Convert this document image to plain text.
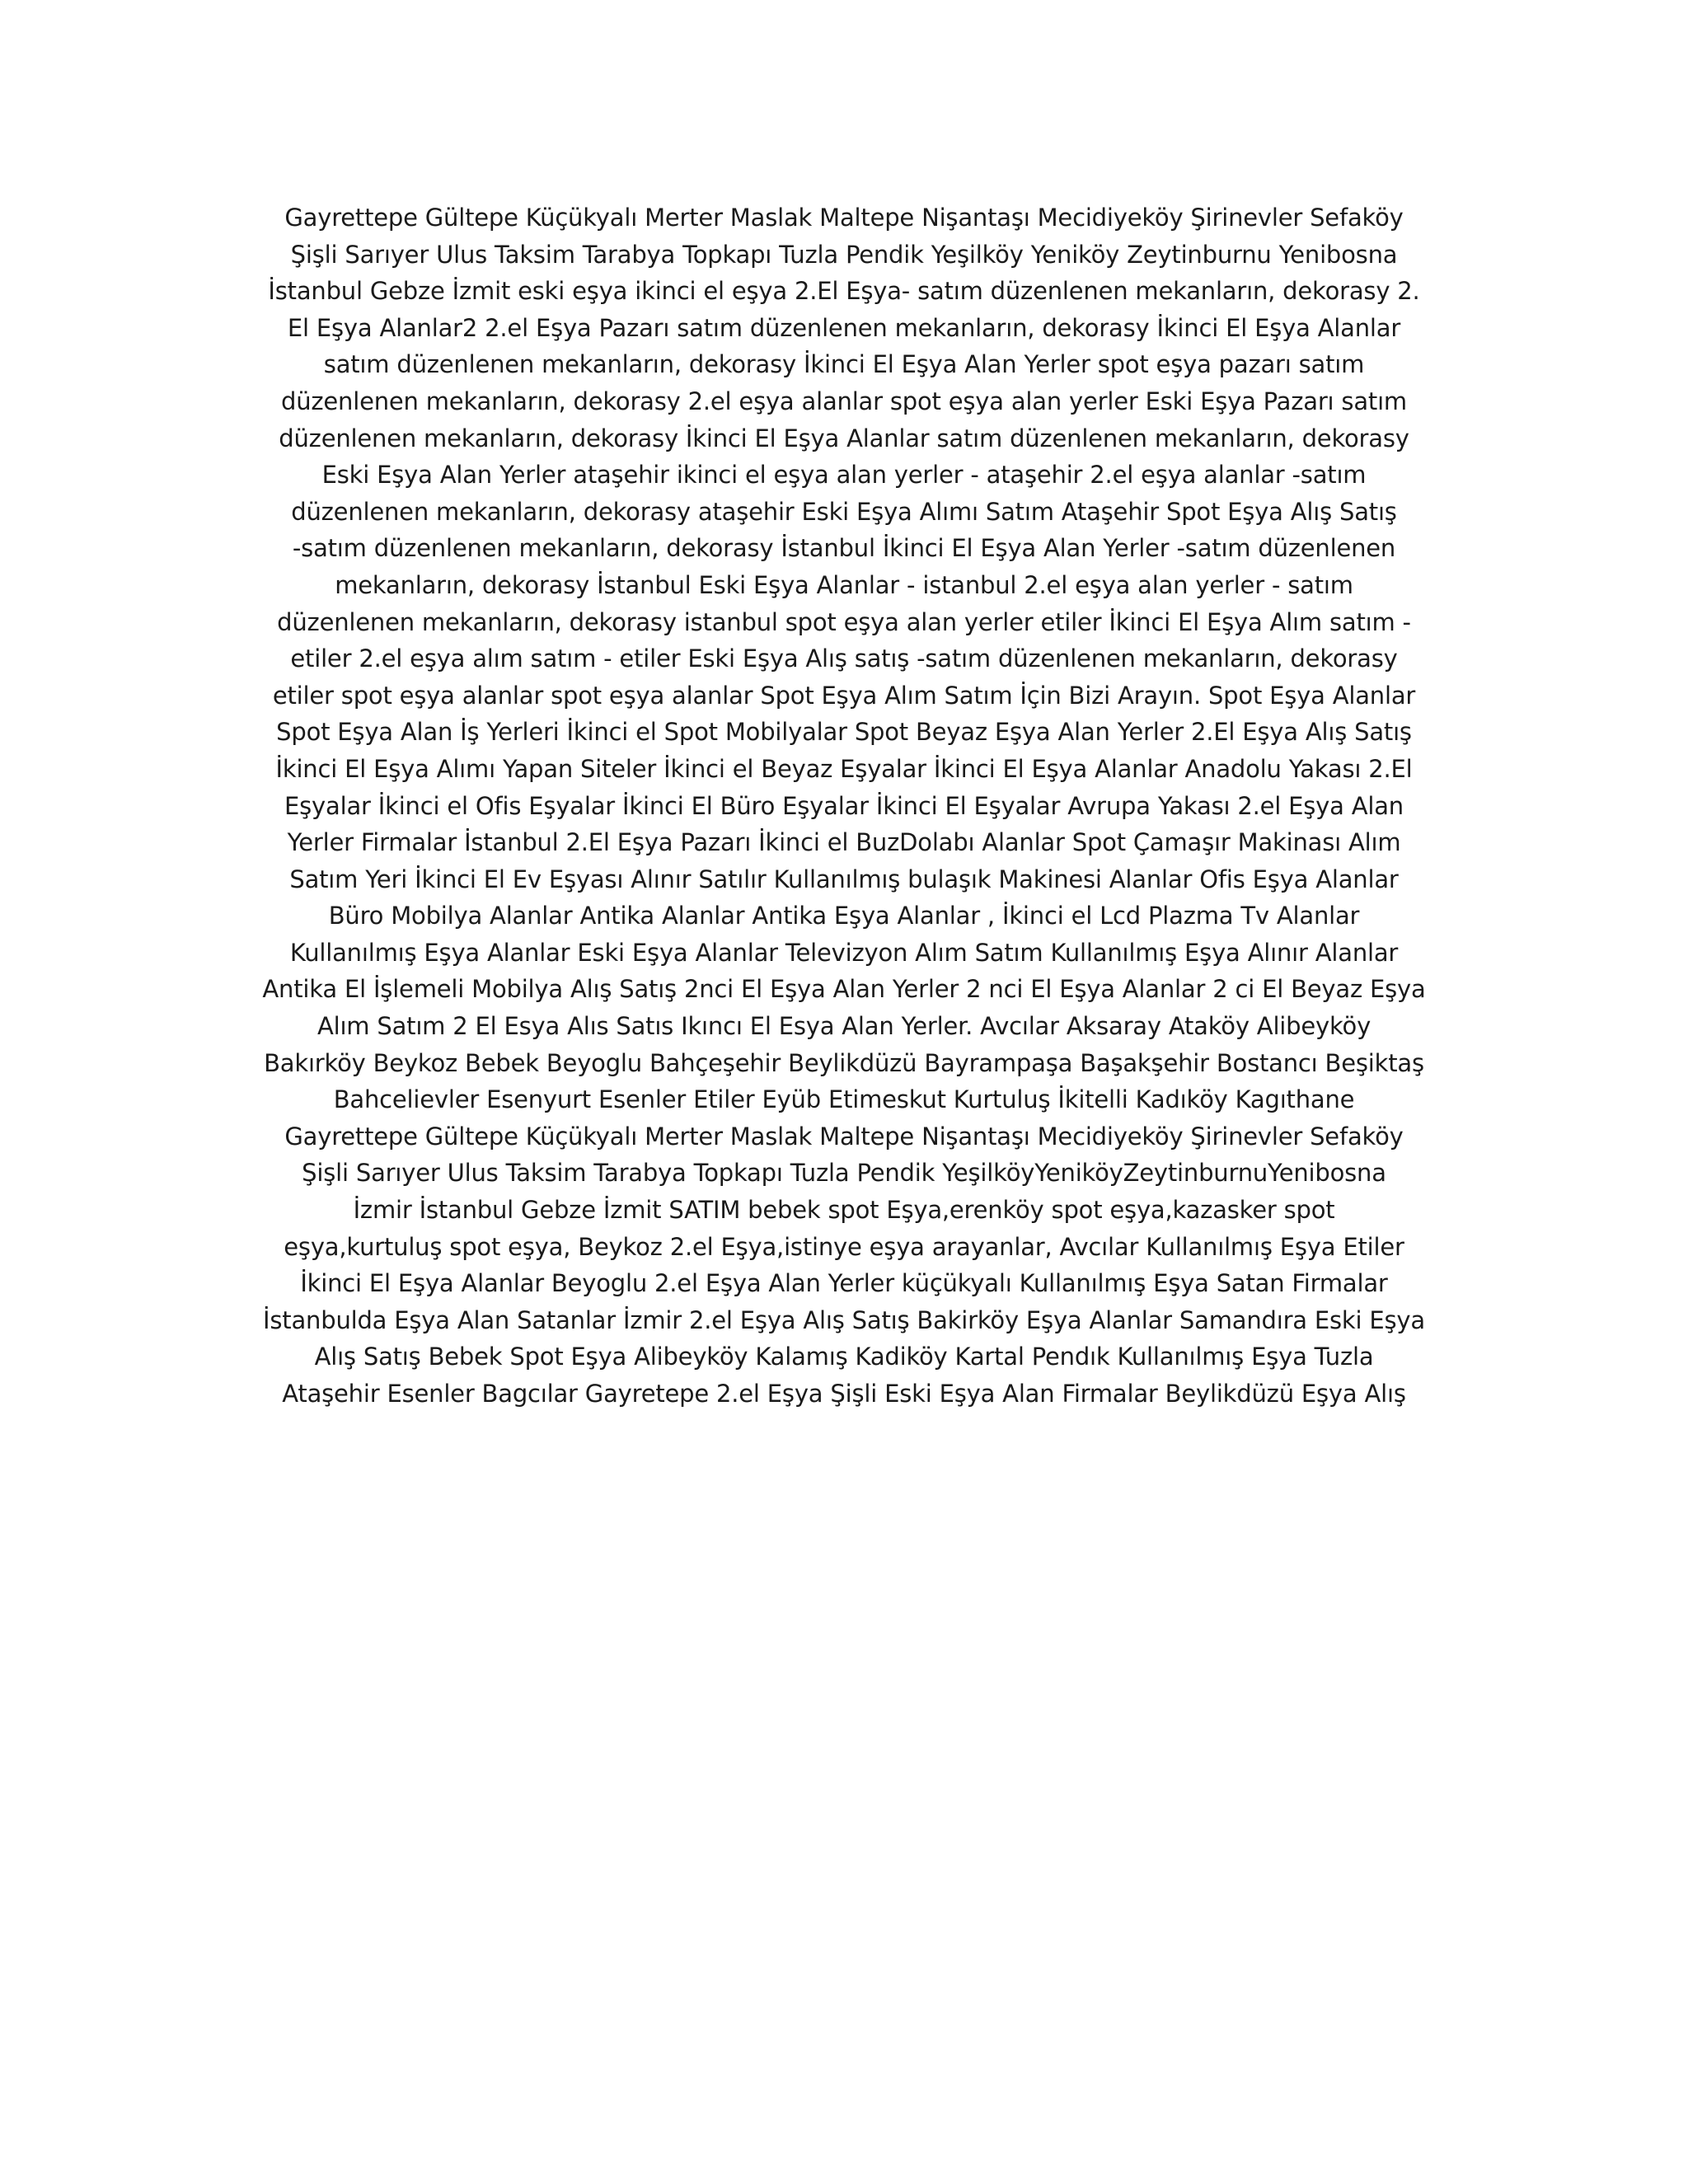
Gayrettepe Gültepe Küçükyalı Merter Maslak Maltepe Nişantaşı Mecidiyeköy Şirinevler Sefaköy
Şişli Sarıyer Ulus Taksim Tarabya Topkapı Tuzla Pendik Yeşilköy Yeniköy Zeytinburnu Yenibosna
İstanbul Gebze İzmit eski eşya ikinci el eşya 2.El Eşya- satım düzenlenen mekanların, dekorasy 2.
El Eşya Alanlar2 2.el Eşya Pazarı satım düzenlenen mekanların, dekorasy İkinci El Eşya Alanlar
satım düzenlenen mekanların, dekorasy İkinci El Eşya Alan Yerler spot eşya pazarı satım
düzenlenen mekanların, dekorasy 2.el eşya alanlar spot eşya alan yerler Eski Eşya Pazarı satım
düzenlenen mekanların, dekorasy İkinci El Eşya Alanlar satım düzenlenen mekanların, dekorasy
Eski Eşya Alan Yerler ataşehir ikinci el eşya alan yerler - ataşehir 2.el eşya alanlar -satım
düzenlenen mekanların, dekorasy ataşehir Eski Eşya Alımı Satım Ataşehir Spot Eşya Alış Satış
-satım düzenlenen mekanların, dekorasy İstanbul İkinci El Eşya Alan Yerler -satım düzenlenen
mekanların, dekorasy İstanbul Eski Eşya Alanlar - istanbul 2.el eşya alan yerler - satım
düzenlenen mekanların, dekorasy istanbul spot eşya alan yerler etiler İkinci El Eşya Alım satım -
etiler 2.el eşya alım satım - etiler Eski Eşya Alış satış -satım düzenlenen mekanların, dekorasy
etiler spot eşya alanlar spot eşya alanlar Spot Eşya Alım Satım İçin Bizi Arayın. Spot Eşya Alanlar
Spot Eşya Alan İş Yerleri İkinci el Spot Mobilyalar Spot Beyaz Eşya Alan Yerler 2.El Eşya Alış Satış
İkinci El Eşya Alımı Yapan Siteler İkinci el Beyaz Eşyalar İkinci El Eşya Alanlar Anadolu Yakası 2.El
Eşyalar İkinci el Ofis Eşyalar İkinci El Büro Eşyalar İkinci El Eşyalar Avrupa Yakası 2.el Eşya Alan
Yerler Firmalar İstanbul 2.El Eşya Pazarı İkinci el BuzDolabı Alanlar Spot Çamaşır Makinası Alım
Satım Yeri İkinci El Ev Eşyası Alınır Satılır Kullanılmış bulaşık Makinesi Alanlar Ofis Eşya Alanlar
Büro Mobilya Alanlar Antika Alanlar Antika Eşya Alanlar , İkinci el Lcd Plazma Tv Alanlar
Kullanılmış Eşya Alanlar Eski Eşya Alanlar Televizyon Alım Satım Kullanılmış Eşya Alınır Alanlar
Antika El İşlemeli Mobilya Alış Satış 2nci El Eşya Alan Yerler 2 nci El Eşya Alanlar 2 ci El Beyaz Eşya
Alım Satım 2 El Esya Alıs Satıs Ikıncı El Esya Alan Yerler. Avcılar Aksaray Ataköy Alibeyköy
Bakırköy Beykoz Bebek Beyoglu Bahçeşehir Beylikdüzü Bayrampaşa Başakşehir Bostancı Beşiktaş
Bahcelievler Esenyurt Esenler Etiler Eyüb Etimeskut Kurtuluş İkitelli Kadıköy Kagıthane
Gayrettepe Gültepe Küçükyalı Merter Maslak Maltepe Nişantaşı Mecidiyeköy Şirinevler Sefaköy
Şişli Sarıyer Ulus Taksim Tarabya Topkapı Tuzla Pendik YeşilköyYeniköyZeytinburnuYenibosna
İzmir İstanbul Gebze İzmit SATIM bebek spot Eşya,erenköy spot eşya,kazasker spot
eşya,kurtuluş spot eşya, Beykoz 2.el Eşya,istinye eşya arayanlar, Avcılar Kullanılmış Eşya Etiler
İkinci El Eşya Alanlar Beyoglu 2.el Eşya Alan Yerler küçükyalı Kullanılmış Eşya Satan Firmalar
İstanbulda Eşya Alan Satanlar İzmir 2.el Eşya Alış Satış Bakirköy Eşya Alanlar Samandıra Eski Eşya
Alış Satış Bebek Spot Eşya Alibeyköy Kalamış Kadiköy Kartal Pendık Kullanılmış Eşya Tuzla
Ataşehir Esenler Bagcılar Gayretepe 2.el Eşya Şişli Eski Eşya Alan Firmalar Beylikdüzü Eşya Alış
